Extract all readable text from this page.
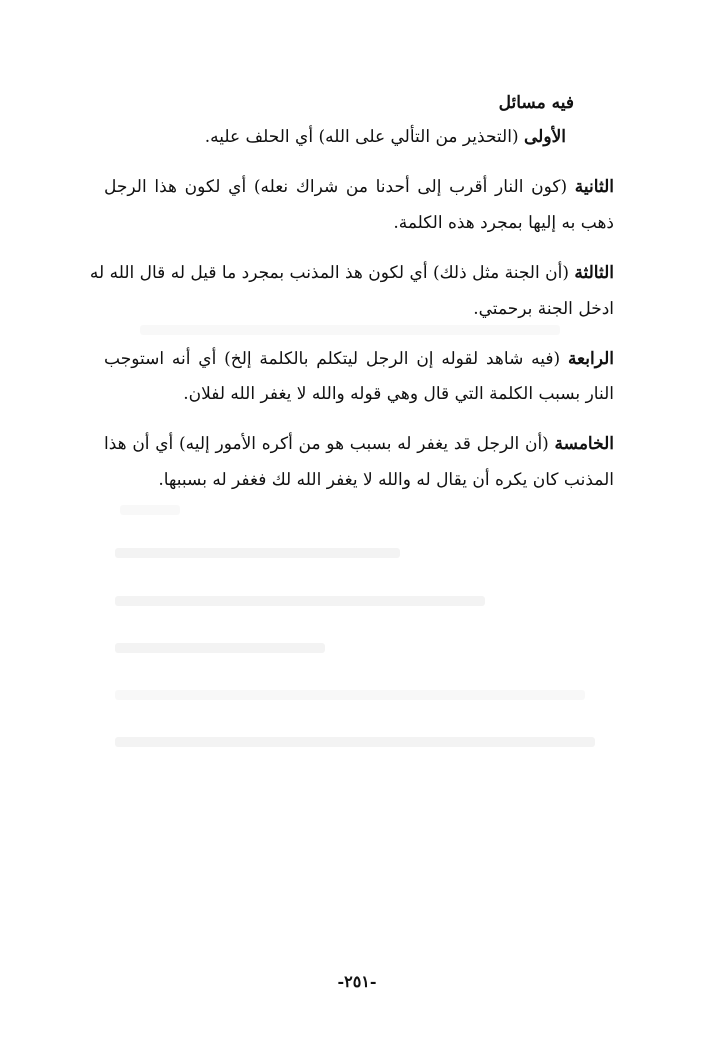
فيه مسائل
الأولى (التحذير من التألي على الله) أي الحلف عليه.
الثانية (كون النار أقرب إلى أحدنا من شراك نعله) أي لكون هذا الرجل
ذهب به إليها بمجرد هذه الكلمة.
الثالثة (أن الجنة مثل ذلك) أي لكون هذ المذنب بمجرد ما قيل له قال الله له
ادخل الجنة برحمتي.
الرابعة (فيه شاهد لقوله إن الرجل ليتكلم بالكلمة إلخ) أي أنه استوجب
النار بسبب الكلمة التي قال وهي قوله والله لا يغفر الله لفلان.
الخامسة (أن الرجل قد يغفر له بسبب هو من أكره الأمور إليه) أي أن هذا
المذنب كان يكره أن يقال له والله لا يغفر الله لك فغفر له بسببها.
-٢٥١-
